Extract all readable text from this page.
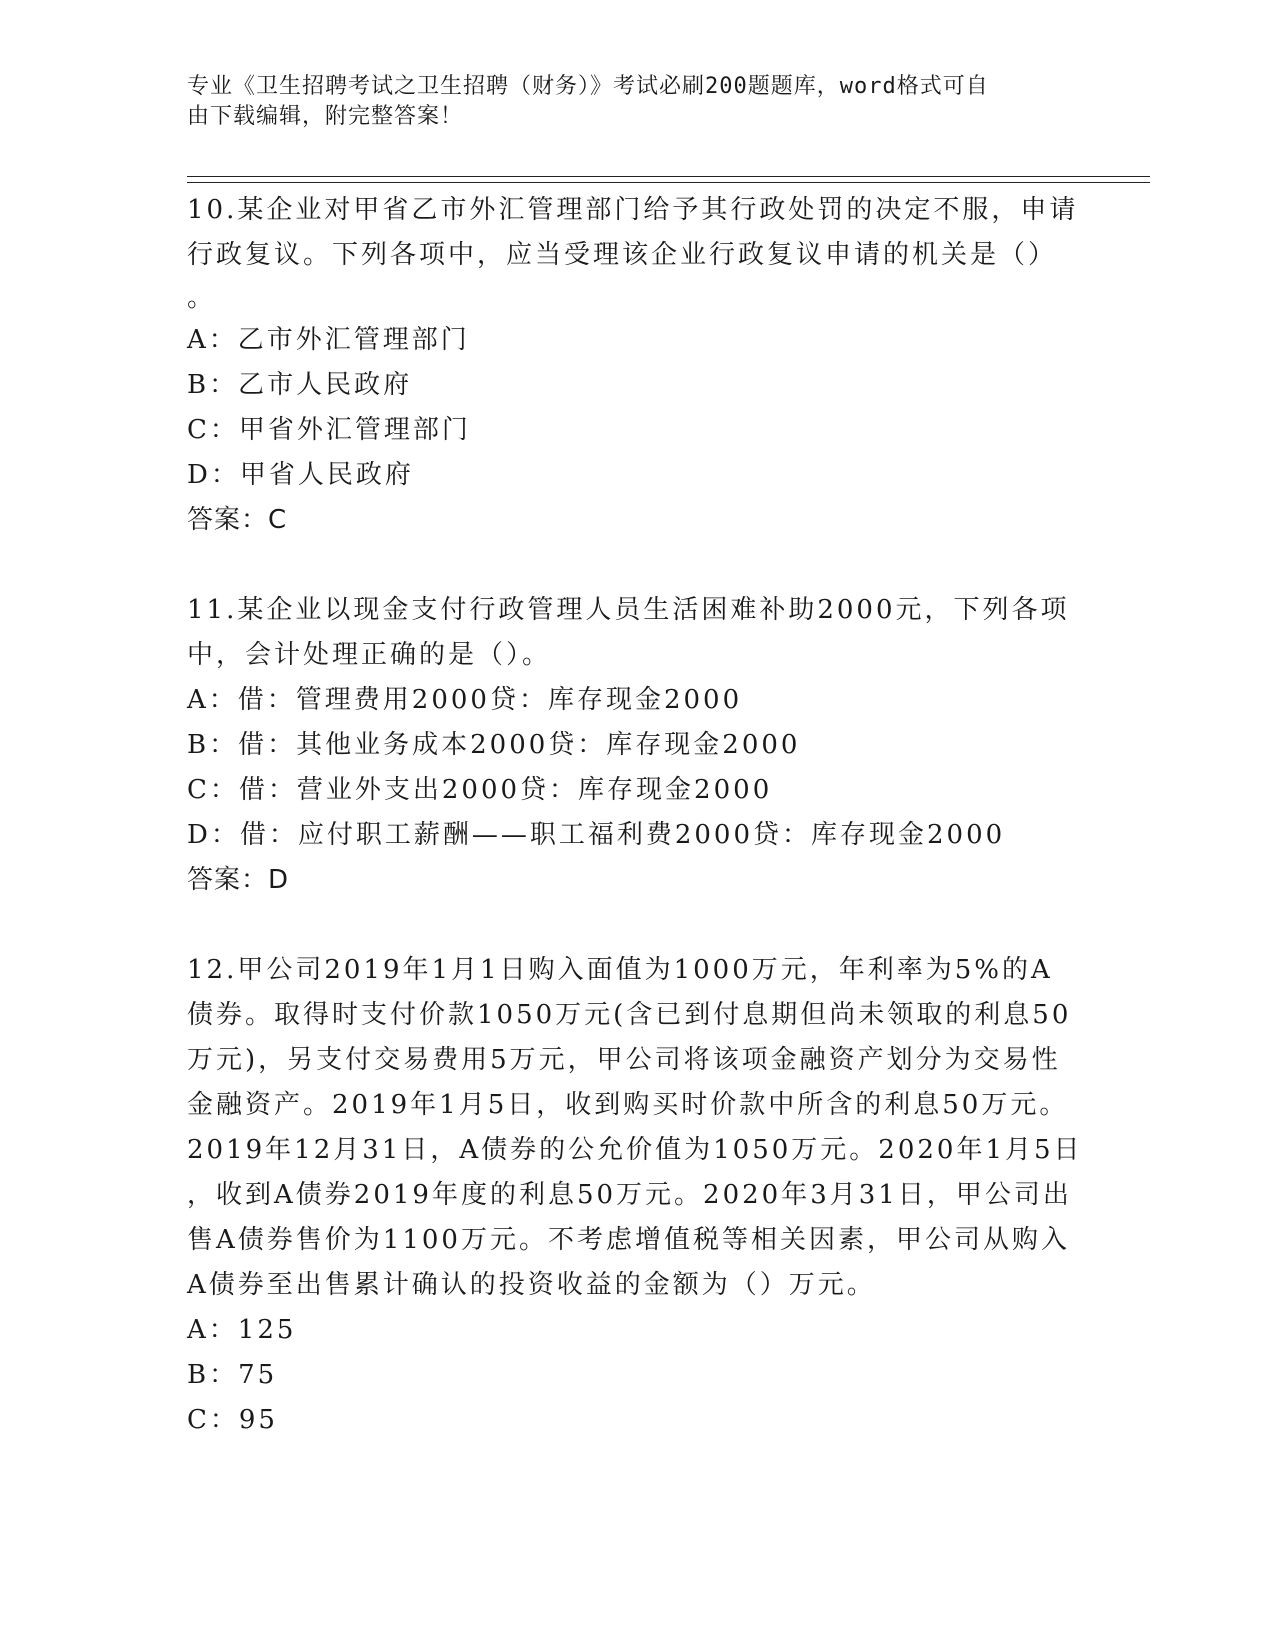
专业《卫生招聘考试之卫生招聘（财务）》考试必刷200题题库，word格式可自
由下载编辑，附完整答案！
10.某企业对甲省乙市外汇管理部门给予其行政处罚的决定不服，申请
行政复议。下列各项中，应当受理该企业行政复议申请的机关是（）
。
A：乙市外汇管理部门
B：乙市人民政府
C：甲省外汇管理部门
D：甲省人民政府
答案：C
11.某企业以现金支付行政管理人员生活困难补助2000元，下列各项
中，会计处理正确的是（）。
A：借：管理费用2000贷：库存现金2000
B：借：其他业务成本2000贷：库存现金2000
C：借：营业外支出2000贷：库存现金2000
D：借：应付职工薪酬——职工福利费2000贷：库存现金2000
答案：D
12.甲公司2019年1月1日购入面值为1000万元，年利率为5%的A
债券。取得时支付价款1050万元(含已到付息期但尚未领取的利息50
万元)，另支付交易费用5万元，甲公司将该项金融资产划分为交易性
金融资产。2019年1月5日，收到购买时价款中所含的利息50万元。
2019年12月31日，A债券的公允价值为1050万元。2020年1月5日
，收到A债券2019年度的利息50万元。2020年3月31日，甲公司出
售A债券售价为1100万元。不考虑增值税等相关因素，甲公司从购入
A债券至出售累计确认的投资收益的金额为（）万元。
A：125
B：75
C：95
